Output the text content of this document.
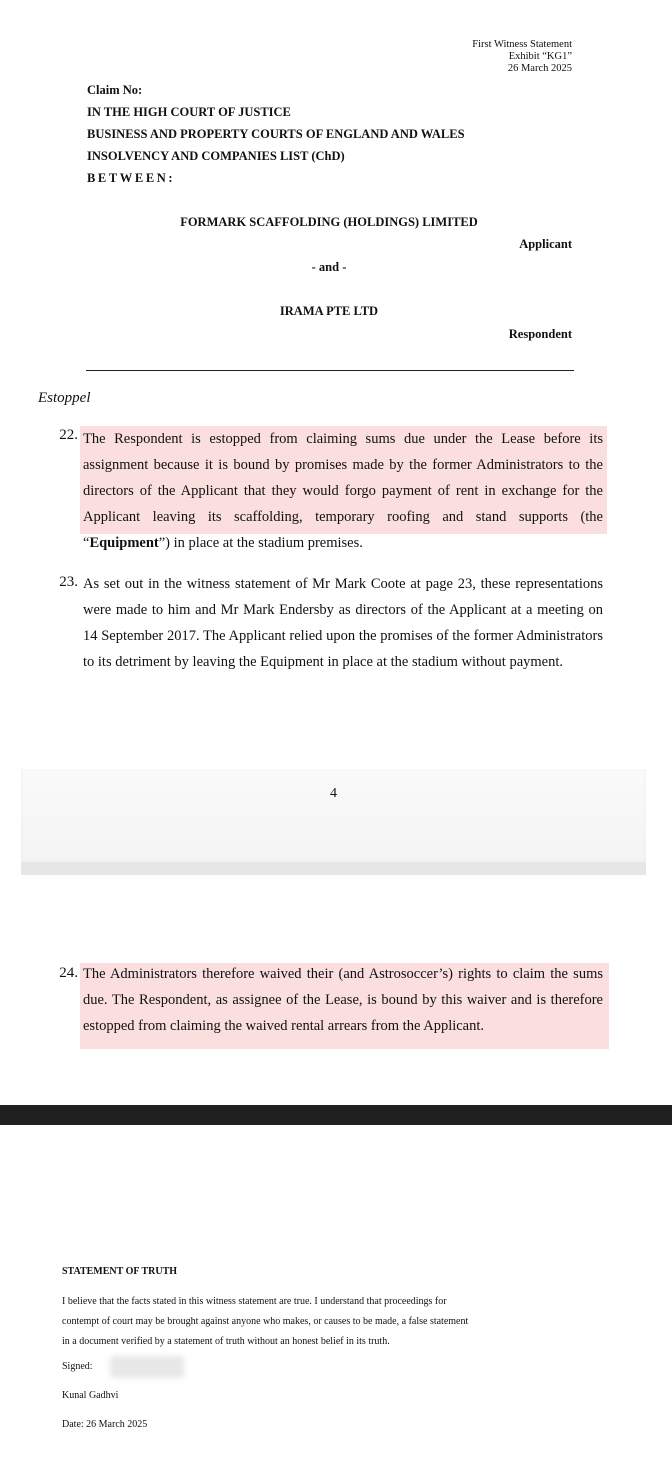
First Witness Statement
Exhibit “KG1”
26 March 2025
Claim No:
IN THE HIGH COURT OF JUSTICE
BUSINESS AND PROPERTY COURTS OF ENGLAND AND WALES
INSOLVENCY AND COMPANIES LIST (ChD)
BETWEEN:
FORMARK SCAFFOLDING (HOLDINGS) LIMITED
Applicant
- and -
IRAMA PTE LTD
Respondent
Estoppel
22. The Respondent is estopped from claiming sums due under the Lease before its assignment because it is bound by promises made by the former Administrators to the directors of the Applicant that they would forgo payment of rent in exchange for the Applicant leaving its scaffolding, temporary roofing and stand supports (the “Equipment”) in place at the stadium premises.
23. As set out in the witness statement of Mr Mark Coote at page 23, these representations were made to him and Mr Mark Endersby as directors of the Applicant at a meeting on 14 September 2017. The Applicant relied upon the promises of the former Administrators to its detriment by leaving the Equipment in place at the stadium without payment.
4
24. The Administrators therefore waived their (and Astrosoccer’s) rights to claim the sums due. The Respondent, as assignee of the Lease, is bound by this waiver and is therefore estopped from claiming the waived rental arrears from the Applicant.
STATEMENT OF TRUTH
I believe that the facts stated in this witness statement are true. I understand that proceedings for contempt of court may be brought against anyone who makes, or causes to be made, a false statement in a document verified by a statement of truth without an honest belief in its truth.
Signed:
Kunal Gadhvi
Date: 26 March 2025
